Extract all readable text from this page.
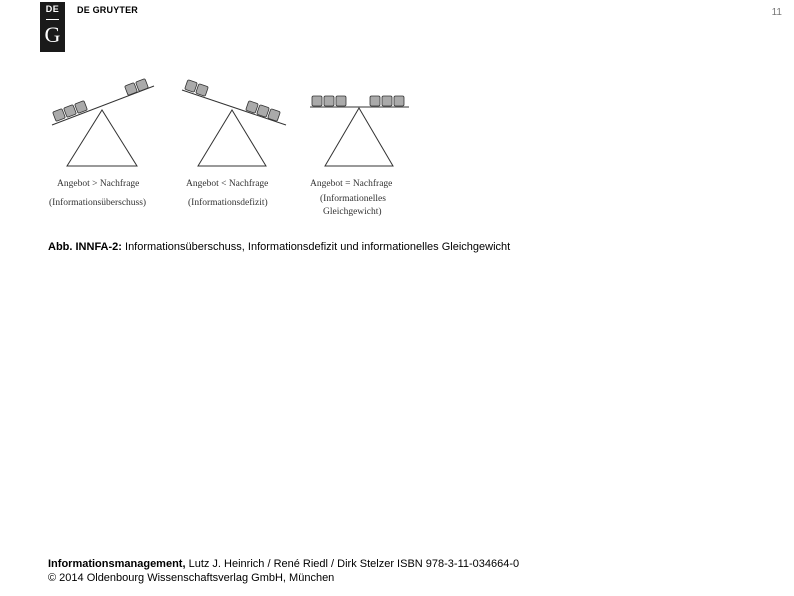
DE
G
DE GRUYTER	11
Angebot > Nachfrage
(Informationsüberschuss)
Angebot < Nachfrage
(Informationsdefizit)
Angebot = Nachfrage
(Informationelles
Gleichgewicht)
Abb. INNFA-2: Informationsüberschuss, Informationsdefizit und informationelles Gleichgewicht
Informationsmanagement, Lutz J. Heinrich / René Riedl / Dirk Stelzer ISBN 978-3-11-034664-0
© 2014 Oldenbourg Wissenschaftsverlag GmbH, München
